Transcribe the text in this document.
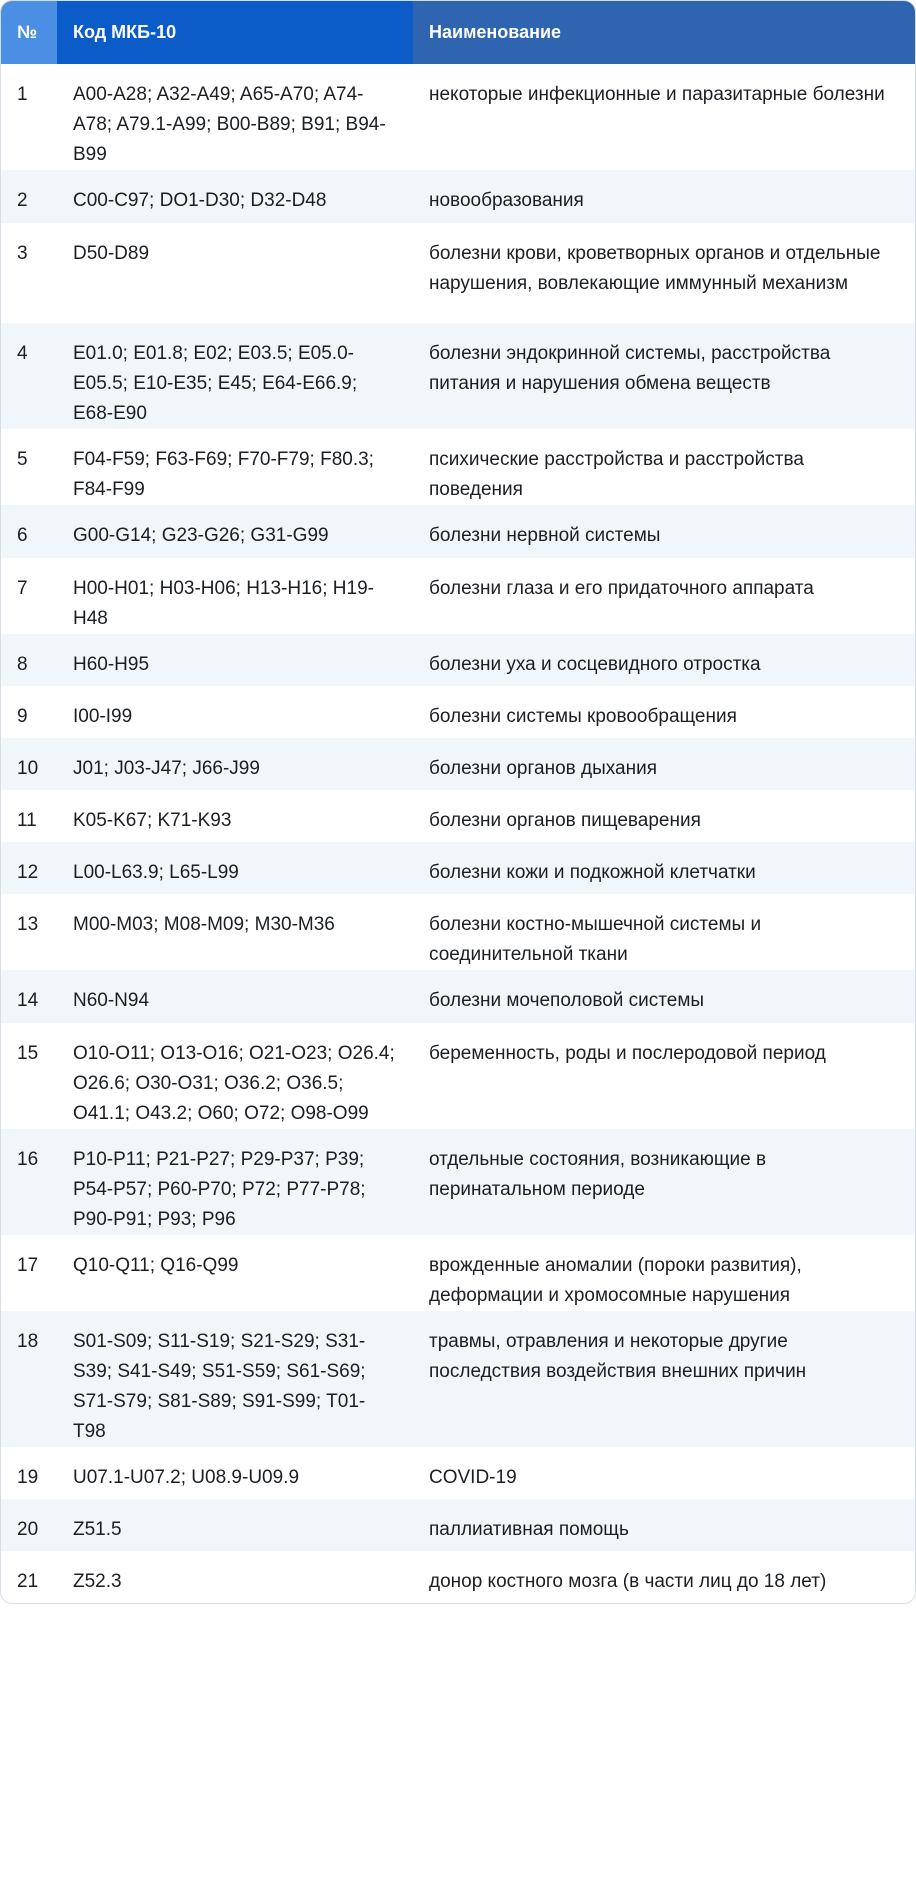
№	Код МКБ-10	Наименование
1	A00-A28; A32-A49; A65-A70; A74-A78; A79.1-A99; B00-B89; B91; B94-B99	некоторые инфекционные и паразитарные болезни
2	C00-C97; DO1-D30; D32-D48	новообразования
3	D50-D89	болезни крови, кроветворных органов и отдельные нарушения, вовлекающие иммунный механизм
4	E01.0; E01.8; E02; E03.5; E05.0-E05.5; E10-E35; E45; E64-E66.9; E68-E90	болезни эндокринной системы, расстройства питания и нарушения обмена веществ
5	F04-F59; F63-F69; F70-F79; F80.3; F84-F99	психические расстройства и расстройства поведения
6	G00-G14; G23-G26; G31-G99	болезни нервной системы
7	H00-H01; H03-H06; H13-H16; H19-H48	болезни глаза и его придаточного аппарата
8	H60-H95	болезни уха и сосцевидного отростка
9	I00-I99	болезни системы кровообращения
10	J01; J03-J47; J66-J99	болезни органов дыхания
11	K05-K67; K71-K93	болезни органов пищеварения
12	L00-L63.9; L65-L99	болезни кожи и подкожной клетчатки
13	M00-M03; M08-M09; M30-M36	болезни костно-мышечной системы и соединительной ткани
14	N60-N94	болезни мочеполовой системы
15	O10-O11; O13-O16; O21-O23; O26.4; O26.6; O30-O31; O36.2; O36.5; O41.1; O43.2; O60; O72; O98-O99	беременность, роды и послеродовой период
16	P10-P11; P21-P27; P29-P37; P39; P54-P57; P60-P70; P72; P77-P78; P90-P91; P93; P96	отдельные состояния, возникающие в перинатальном периоде
17	Q10-Q11; Q16-Q99	врожденные аномалии (пороки развития), деформации и хромосомные нарушения
18	S01-S09; S11-S19; S21-S29; S31-S39; S41-S49; S51-S59; S61-S69; S71-S79; S81-S89; S91-S99; T01-T98	травмы, отравления и некоторые другие последствия воздействия внешних причин
19	U07.1-U07.2; U08.9-U09.9	COVID-19
20	Z51.5	паллиативная помощь
21	Z52.3	донор костного мозга (в части лиц до 18 лет)
